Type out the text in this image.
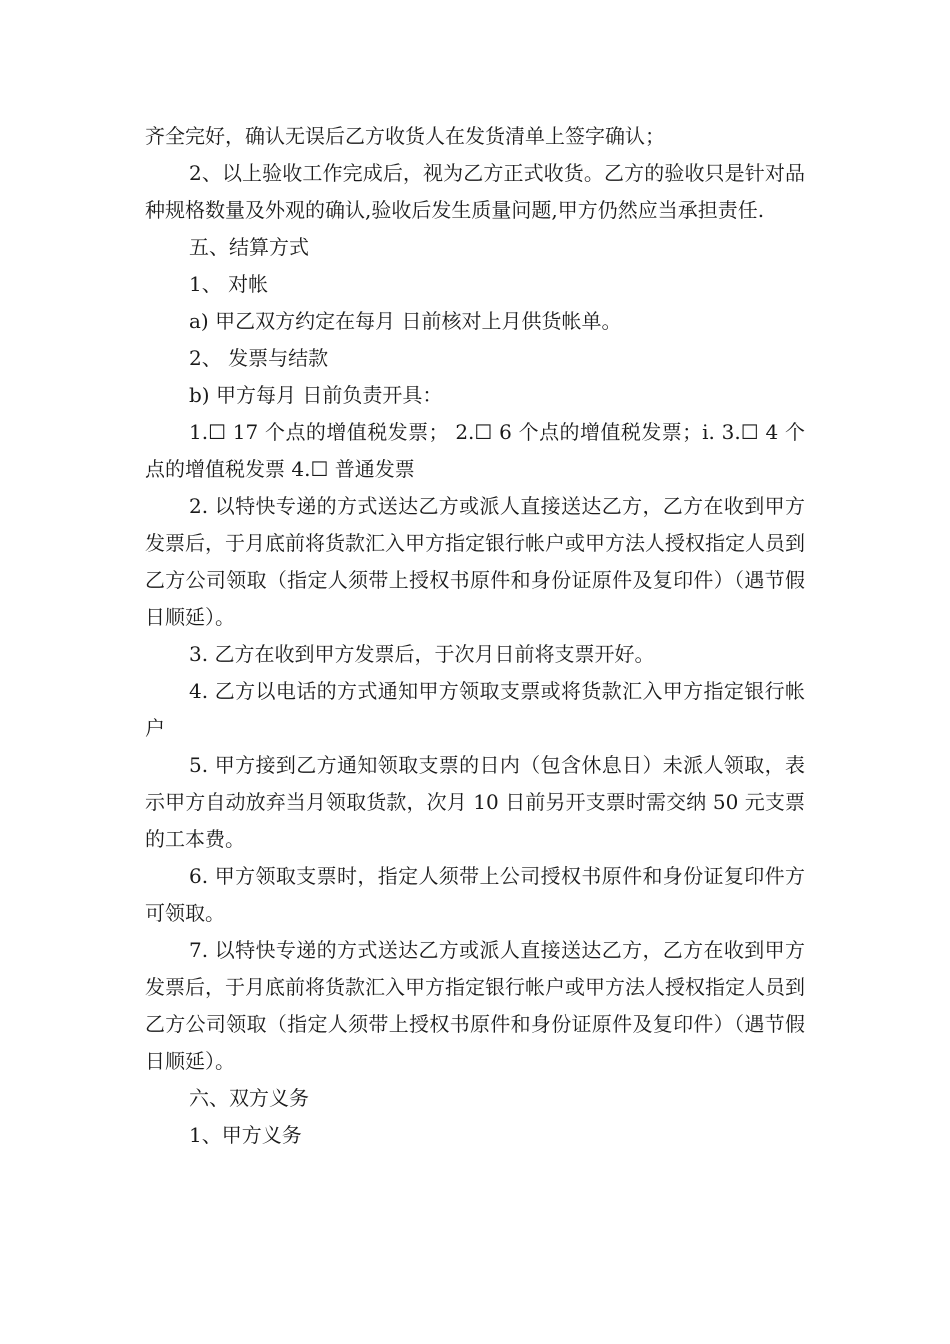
齐全完好，确认无误后乙方收货人在发货清单上签字确认；

2、以上验收工作完成后，视为乙方正式收货。乙方的验收只是针对品种规格数量及外观的确认,验收后发生质量问题,甲方仍然应当承担责任.

五、结算方式

1、 对帐

a) 甲乙双方约定在每月 日前核对上月供货帐单。

2、 发票与结款

b) 甲方每月 日前负责开具：

1.☐ 17 个点的增值税发票； 2.☐ 6 个点的增值税发票；i. 3.☐ 4 个点的增值税发票 4.☐ 普通发票

2. 以特快专递的方式送达乙方或派人直接送达乙方，乙方在收到甲方发票后，于月底前将货款汇入甲方指定银行帐户或甲方法人授权指定人员到乙方公司领取（指定人须带上授权书原件和身份证原件及复印件）（遇节假日顺延）。

3. 乙方在收到甲方发票后，于次月日前将支票开好。

4. 乙方以电话的方式通知甲方领取支票或将货款汇入甲方指定银行帐户

5. 甲方接到乙方通知领取支票的日内（包含休息日）未派人领取，表示甲方自动放弃当月领取货款，次月 10 日前另开支票时需交纳 50 元支票的工本费。

6. 甲方领取支票时，指定人须带上公司授权书原件和身份证复印件方可领取。

7. 以特快专递的方式送达乙方或派人直接送达乙方，乙方在收到甲方发票后，于月底前将货款汇入甲方指定银行帐户或甲方法人授权指定人员到乙方公司领取（指定人须带上授权书原件和身份证原件及复印件）（遇节假日顺延）。

六、双方义务

1、甲方义务
